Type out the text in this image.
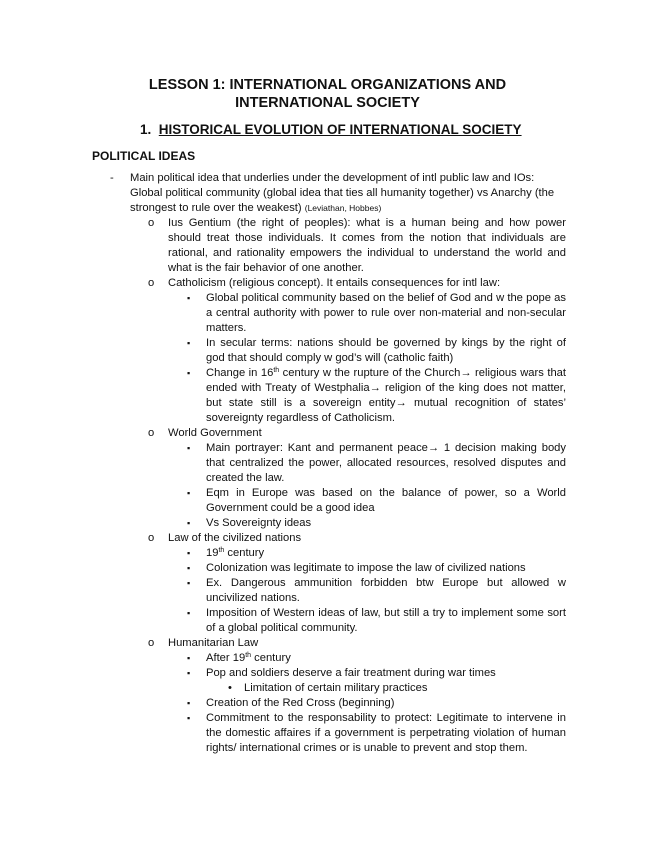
LESSON 1: INTERNATIONAL ORGANIZATIONS AND
INTERNATIONAL SOCIETY
1. HISTORICAL EVOLUTION OF INTERNATIONAL SOCIETY
POLITICAL IDEAS
- Main political idea that underlies under the development of intl public law and IOs: Global political community (global idea that ties all humanity together) vs Anarchy (the strongest to rule over the weakest) (Leviathan, Hobbes)
o Ius Gentium (the right of peoples): what is a human being and how power should treat those individuals. It comes from the notion that individuals are rational, and rationality empowers the individual to understand the world and what is the fair behavior of one another.
o Catholicism (religious concept). It entails consequences for intl law:
▪ Global political community based on the belief of God and w the pope as a central authority with power to rule over non-material and non-secular matters.
▪ In secular terms: nations should be governed by kings by the right of god that should comply w god’s will (catholic faith)
▪ Change in 16th century w the rupture of the Church→ religious wars that ended with Treaty of Westphalia→ religion of the king does not matter, but state still is a sovereign entity→ mutual recognition of states’ sovereignty regardless of Catholicism.
o World Government
▪ Main portrayer: Kant and permanent peace→ 1 decision making body that centralized the power, allocated resources, resolved disputes and created the law.
▪ Eqm in Europe was based on the balance of power, so a World Government could be a good idea
▪ Vs Sovereignty ideas
o Law of the civilized nations
▪ 19th century
▪ Colonization was legitimate to impose the law of civilized nations
▪ Ex. Dangerous ammunition forbidden btw Europe but allowed w uncivilized nations.
▪ Imposition of Western ideas of law, but still a try to implement some sort of a global political community.
o Humanitarian Law
▪ After 19th century
▪ Pop and soldiers deserve a fair treatment during war times
• Limitation of certain military practices
▪ Creation of the Red Cross (beginning)
▪ Commitment to the responsability to protect: Legitimate to intervene in the domestic affaires if a government is perpetrating violation of human rights/ international crimes or is unable to prevent and stop them.
